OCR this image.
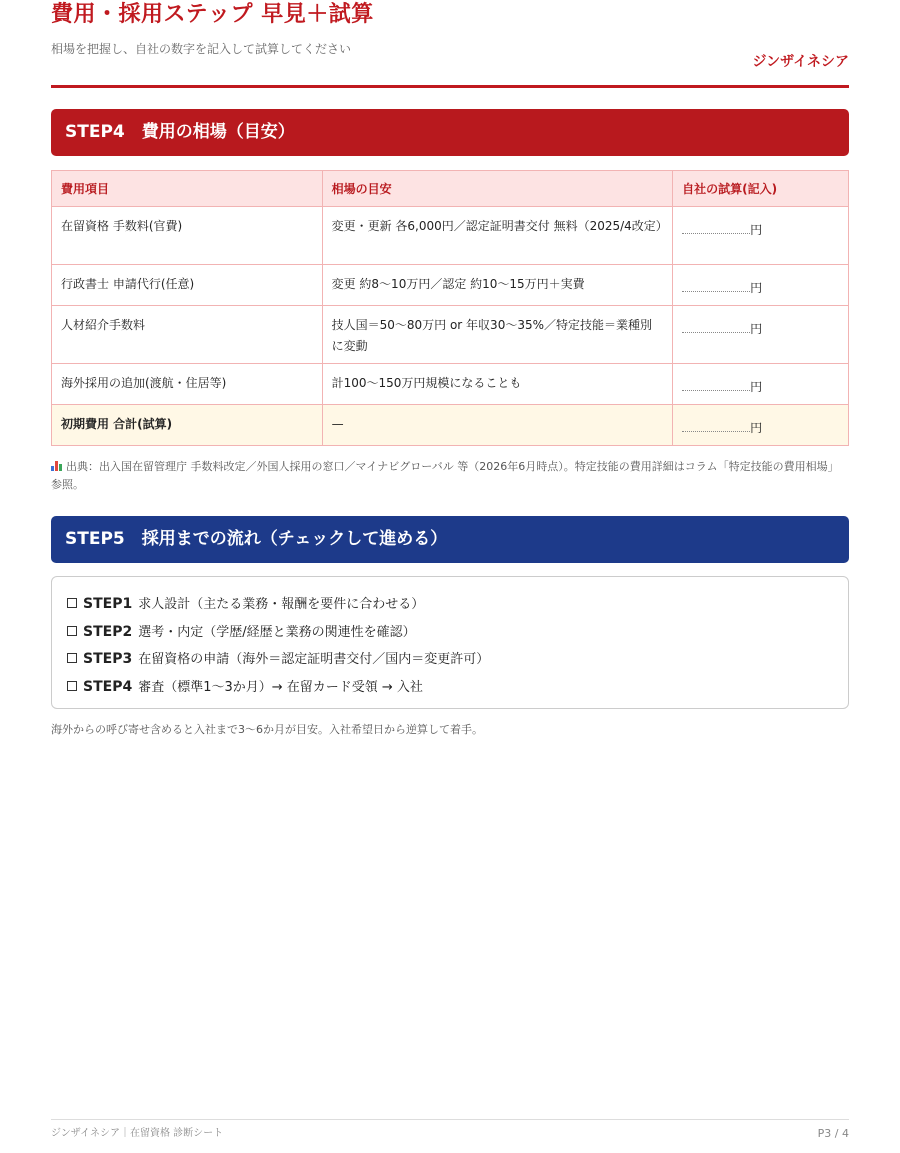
費用・採用ステップ 早見＋試算
相場を把握し、自社の数字を記入して試算してください
ジンザイネシア
STEP4　費用の相場（目安）
費用項目	相場の目安	自社の試算(記入)
在留資格 手数料(官費)	変更・更新 各6,000円／認定証明書交付 無料（2025/4改定）	円
行政書士 申請代行(任意)	変更 約8〜10万円／認定 約10〜15万円＋実費	円
人材紹介手数料	技人国＝50〜80万円 or 年収30〜35%／特定技能＝業種別に変動	円
海外採用の追加(渡航・住居等)	計100〜150万円規模になることも	円
初期費用 合計(試算)	—	円
出典：出入国在留管理庁 手数料改定／外国人採用の窓口／マイナビグローバル 等（2026年6月時点）。特定技能の費用詳細はコラム「特定技能の費用相場」参照。
STEP5　採用までの流れ（チェックして進める）
STEP1 求人設計（主たる業務・報酬を要件に合わせる）
STEP2 選考・内定（学歴/経歴と業務の関連性を確認）
STEP3 在留資格の申請（海外＝認定証明書交付／国内＝変更許可）
STEP4 審査（標準1〜3か月）→ 在留カード受領 → 入社
海外からの呼び寄せ含めると入社まで3〜6か月が目安。入社希望日から逆算して着手。
ジンザイネシア｜在留資格 診断シート	P3 / 4
